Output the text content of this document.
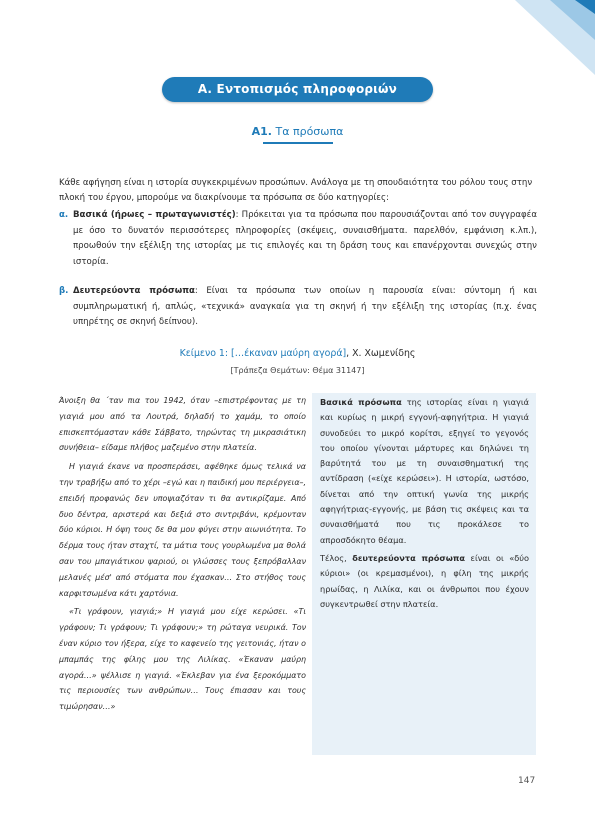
Α. Εντοπισμός πληροφοριών
Α1. Τα πρόσωπα

Κάθε αφήγηση είναι η ιστορία συγκεκριμένων προσώπων. Ανάλογα με τη σπουδαιότητα του ρόλου τους στην πλοκή του έργου, μπορούμε να διακρίνουμε τα πρόσωπα σε δύο κατηγορίες:

α. Βασικά (ήρωες – πρωταγωνιστές): Πρόκειται για τα πρόσωπα που παρουσιάζονται από τον συγγραφέα με όσο το δυνατόν περισσότερες πληροφορίες (σκέψεις, συναισθήματα. παρελθόν, εμφάνιση κ.λπ.), προωθούν την εξέλιξη της ιστορίας με τις επιλογές και τη δράση τους και επανέρχονται συνεχώς στην ιστορία.
β. Δευτερεύοντα πρόσωπα: Είναι τα πρόσωπα των οποίων η παρουσία είναι: σύντομη ή και συμπληρωματική ή, απλώς, «τεχνικά» αναγκαία για τη σκηνή ή την εξέλιξη της ιστορίας (π.χ. ένας υπηρέτης σε σκηνή δείπνου).
Κείμενο 1: […έκαναν μαύρη αγορά], Χ. Χωμενίδης
[Τράπεζα Θεμάτων: Θέμα 31147]

Άνοιξη θα ΄ταν πια του 1942, όταν –επιστρέφοντας με τη γιαγιά μου από τα Λουτρά, δηλαδή το χαμάμ, το οποίο επισκεπτόμασταν κάθε Σάββατο, τηρώντας τη μικρασιάτικη συνήθεια– είδαμε πλήθος μαζεμένο στην πλατεία.

Η γιαγιά έκανε να προσπεράσει, αφέθηκε όμως τελικά να την τραβήξω από το χέρι –εγώ και η παιδική μου περιέργεια–, επειδή προφανώς δεν υποψιαζόταν τι θα αντικρίζαμε. Από δυο δέντρα, αριστερά και δεξιά στο σιντριβάνι, κρέμονταν δύο κύριοι. Η όψη τους δε θα μου φύγει στην αιωνιότητα. Το δέρμα τους ήταν σταχτί, τα μάτια τους γουρλωμένα μα θολά σαν του μπαγιάτικου ψαριού, οι γλώσσες τους ξεπρόβαλλαν μελανές μέσ' από στόματα που έχασκαν… Στο στήθος τους καρφιτσωμένα κάτι χαρτόνια.

«Τι γράφουν, γιαγιά;» Η γιαγιά μου είχε κερώσει. «Τι γράφουν; Τι γράφουν; Τι γράφουν;» τη ρώταγα νευρικά. Τον έναν κύριο τον ήξερα, είχε το καφενείο της γειτονιάς, ήταν ο μπαμπάς της φίλης μου της Λιλίκας. «Έκαναν μαύρη αγορά…» ψέλλισε η γιαγιά. «Έκλεβαν για ένα ξεροκόμματο τις περιουσίες των ανθρώπων… Τους έπιασαν και τους τιμώρησαν…»

Βασικά πρόσωπα της ιστορίας είναι η γιαγιά και κυρίως η μικρή εγγονή-αφηγήτρια. Η γιαγιά συνοδεύει το μικρό κορίτσι, εξηγεί το γεγονός του οποίου γίνονται μάρτυρες και δηλώνει τη βαρύτητά του με τη συναισθηματική της αντίδραση («είχε κερώσει»). Η ιστορία, ωστόσο, δίνεται από την οπτική γωνία της μικρής αφηγήτριας-εγγονής, με βάση τις σκέψεις και τα συναισθήματά που τις προκάλεσε το απροσδόκητο θέαμα.

Τέλος, δευτερεύοντα πρόσωπα είναι οι «δύο κύριοι» (οι κρεμασμένοι), η φίλη της μικρής ηρωίδας, η Λιλίκα, και οι άνθρωποι που έχουν συγκεντρωθεί στην πλατεία.

147
